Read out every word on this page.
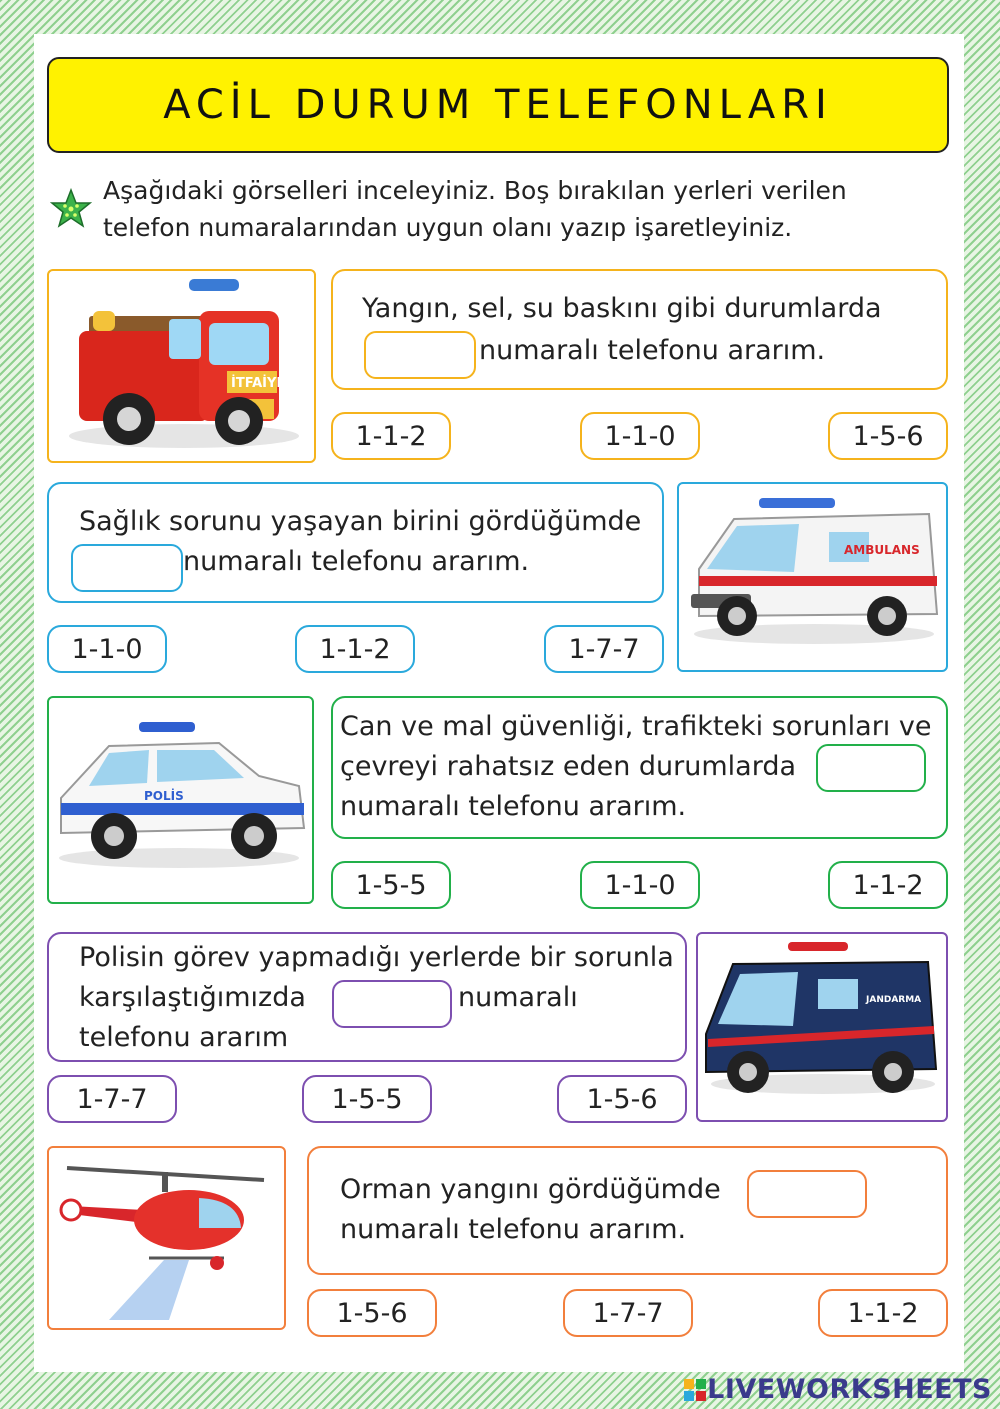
ACİL DURUM TELEFONLARI
Aşağıdaki görselleri inceleyiniz. Boş bırakılan yerleri verilen telefon numaralarından uygun olanı yazıp işaretleyiniz.
İTFAİYE
Yangın, sel, su baskını gibi durumlarda
numaralı telefonu ararım.
1-1-2	1-1-0	1-5-6
Sağlık sorunu yaşayan birini gördüğümde
numaralı telefonu ararım.	AMBULANS
1-1-0	1-1-2	1-7-7
POLİS
Can ve mal güvenliği, trafikteki sorunları ve
çevreyi rahatsız eden durumlarda
numaralı telefonu ararım.
1-5-5	1-1-0	1-1-2
Polisin görev yapmadığı yerlerde bir sorunla
karşılaştığımızda	numaralı
telefonu ararım
JANDARMA
1-7-7	1-5-5	1-5-6
Orman yangını gördüğümde
numaralı telefonu ararım.
1-5-6	1-7-7	1-1-2
LIVEWORKSHEETS
